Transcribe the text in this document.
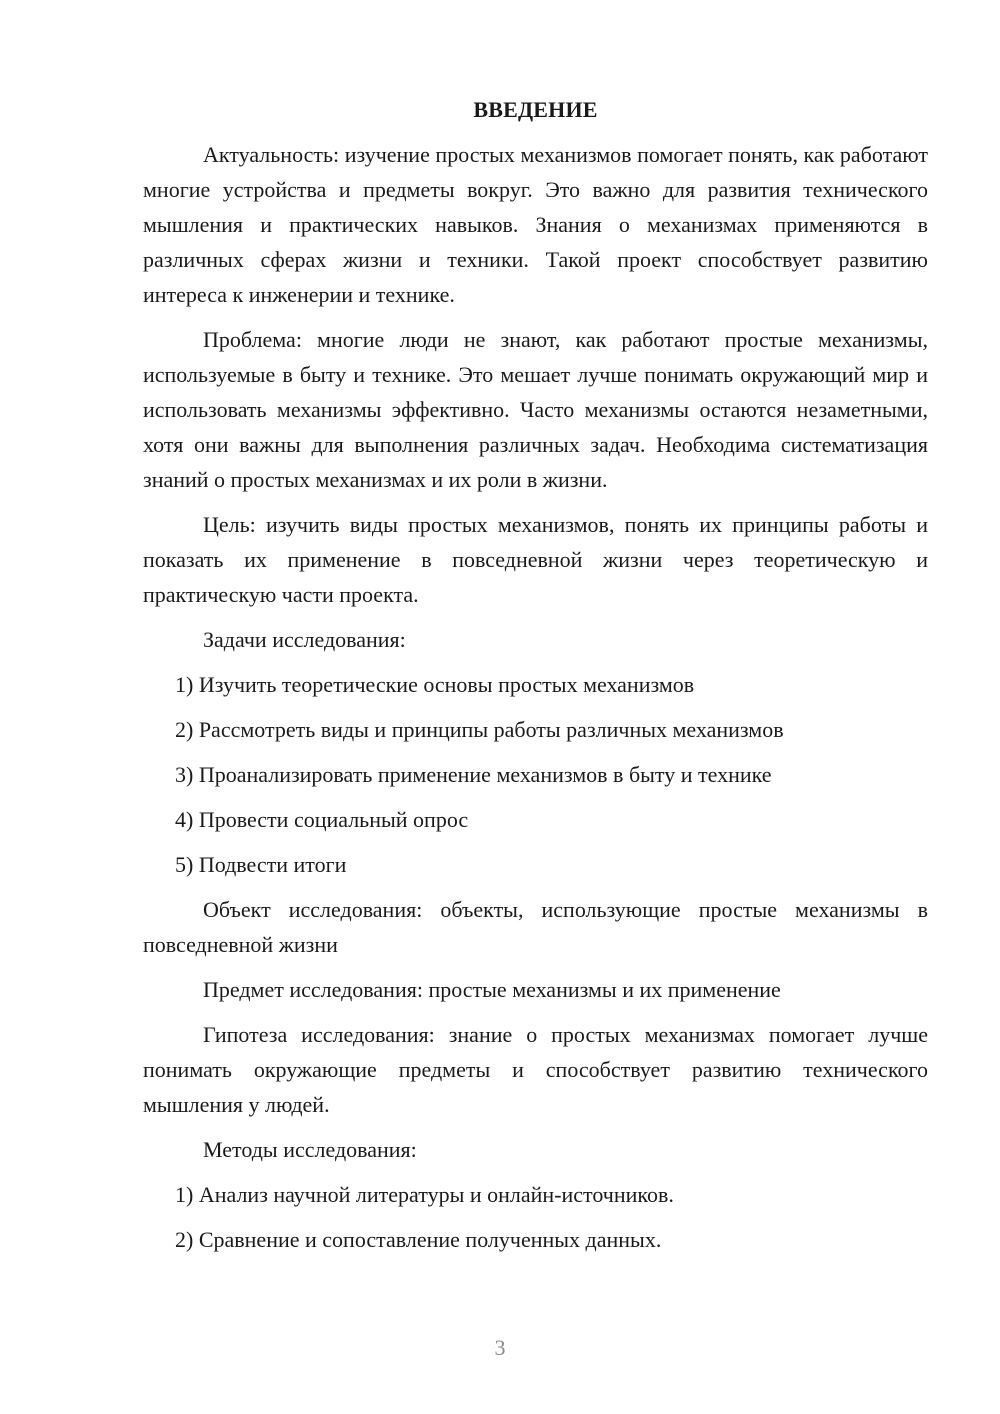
ВВЕДЕНИЕ

Актуальность: изучение простых механизмов помогает понять, как работают многие устройства и предметы вокруг. Это важно для развития технического мышления и практических навыков. Знания о механизмах применяются в различных сферах жизни и техники. Такой проект способствует развитию интереса к инженерии и технике.

Проблема: многие люди не знают, как работают простые механизмы, используемые в быту и технике. Это мешает лучше понимать окружающий мир и использовать механизмы эффективно. Часто механизмы остаются незаметными, хотя они важны для выполнения различных задач. Необходима систематизация знаний о простых механизмах и их роли в жизни.

Цель: изучить виды простых механизмов, понять их принципы работы и показать их применение в повседневной жизни через теоретическую и практическую части проекта.

Задачи исследования:

1) Изучить теоретические основы простых механизмов
2) Рассмотреть виды и принципы работы различных механизмов
3) Проанализировать применение механизмов в быту и технике
4) Провести социальный опрос
5) Подвести итоги

Объект исследования: объекты, использующие простые механизмы в повседневной жизни

Предмет исследования: простые механизмы и их применение

Гипотеза исследования: знание о простых механизмах помогает лучше понимать окружающие предметы и способствует развитию технического мышления у людей.

Методы исследования:

1) Анализ научной литературы и онлайн-источников.
2) Сравнение и сопоставление полученных данных.
3
